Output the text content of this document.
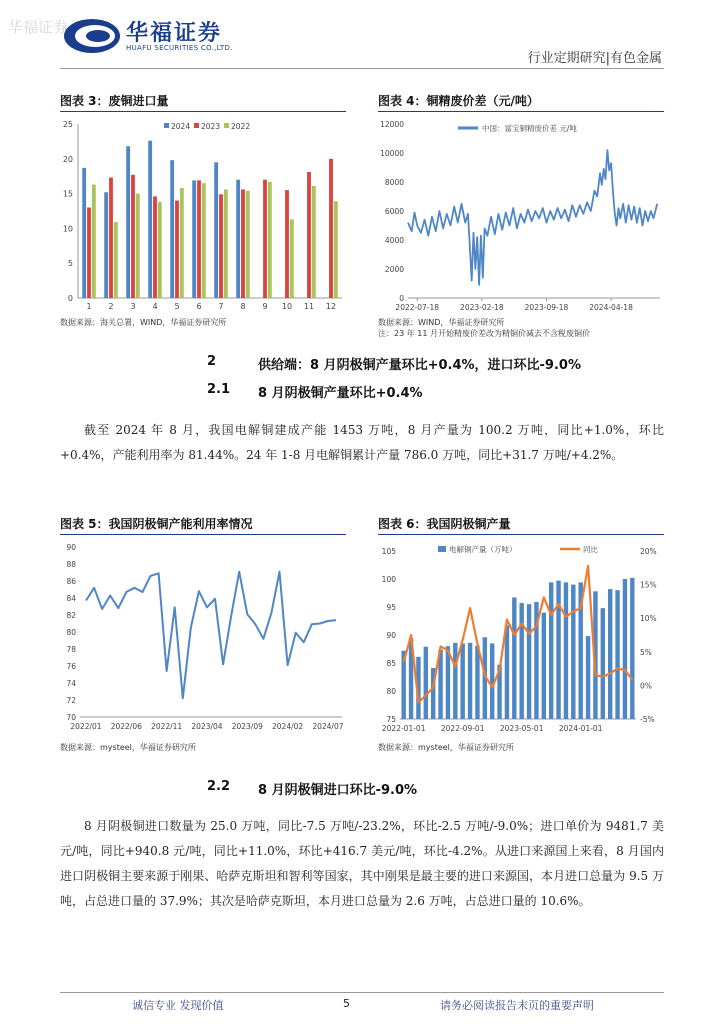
华福证券	华福证券
HUAFU SECURITIES CO.,LTD.
行业定期研究|有色金属
图表 3：废铜进口量
0
5
10
15
20
25
1 2 3 4 5 6 7 8 9 10 11 12
2024 2023 2022
数据来源：海关总署，WIND，华福证券研究所
图表 4：铜精废价差（元/吨）
0
2000
4000
6000
8000
10000
12000
2022-07-18	2023-02-18	2023-09-18	2024-04-18
中国：富宝铜精废价差 元/吨
数据来源：WIND，华福证券研究所
注：23 年 11 月开始精废价差改为精铜价减去不含税废铜价
2	供给端：8 月阴极铜产量环比+0.4%，进口环比-9.0%
2.1 8 月阴极铜产量环比+0.4%
截至 2024 年 8 月，我国电解铜建成产能 1453 万吨，8 月产量为 100.2 万吨，同比+1.0%，环比+0.4%，产能利用率为 81.44%。24 年 1-8 月电解铜累计产量 786.0 万吨，同比+31.7 万吨/+4.2%。
图表 5：我国阴极铜产能利用率情况
70
72
74
76
78
80
82
84
86
88
90
2022/01 2022/06 2022/11 2023/04 2023/09 2024/02 2024/07
数据来源：mysteel，华福证券研究所
图表 6：我国阴极铜产量
75
80
85
90
95
100
105
-5%
0%
5%
10%
15%
20%
2022-01-01 2022-09-01 2023-05-01 2024-01-01
电解铜产量（万吨）	同比
数据来源：mysteel，华福证券研究所
2.2 8 月阴极铜进口环比-9.0%
8 月阴极铜进口数量为 25.0 万吨，同比-7.5 万吨/-23.2%，环比-2.5 万吨/-9.0%；进口单价为 9481.7 美元/吨，同比+940.8 元/吨，同比+11.0%，环比+416.7 美元/吨，环比-4.2%。从进口来源国上来看，8 月国内进口阴极铜主要来源于刚果、哈萨克斯坦和智利等国家，其中刚果是最主要的进口来源国，本月进口总量为 9.5 万吨，占总进口量的 37.9%；其次是哈萨克斯坦，本月进口总量为 2.6 万吨，占总进口量的 10.6%。
诚信专业 发现价值	5	请务必阅读报告末页的重要声明
